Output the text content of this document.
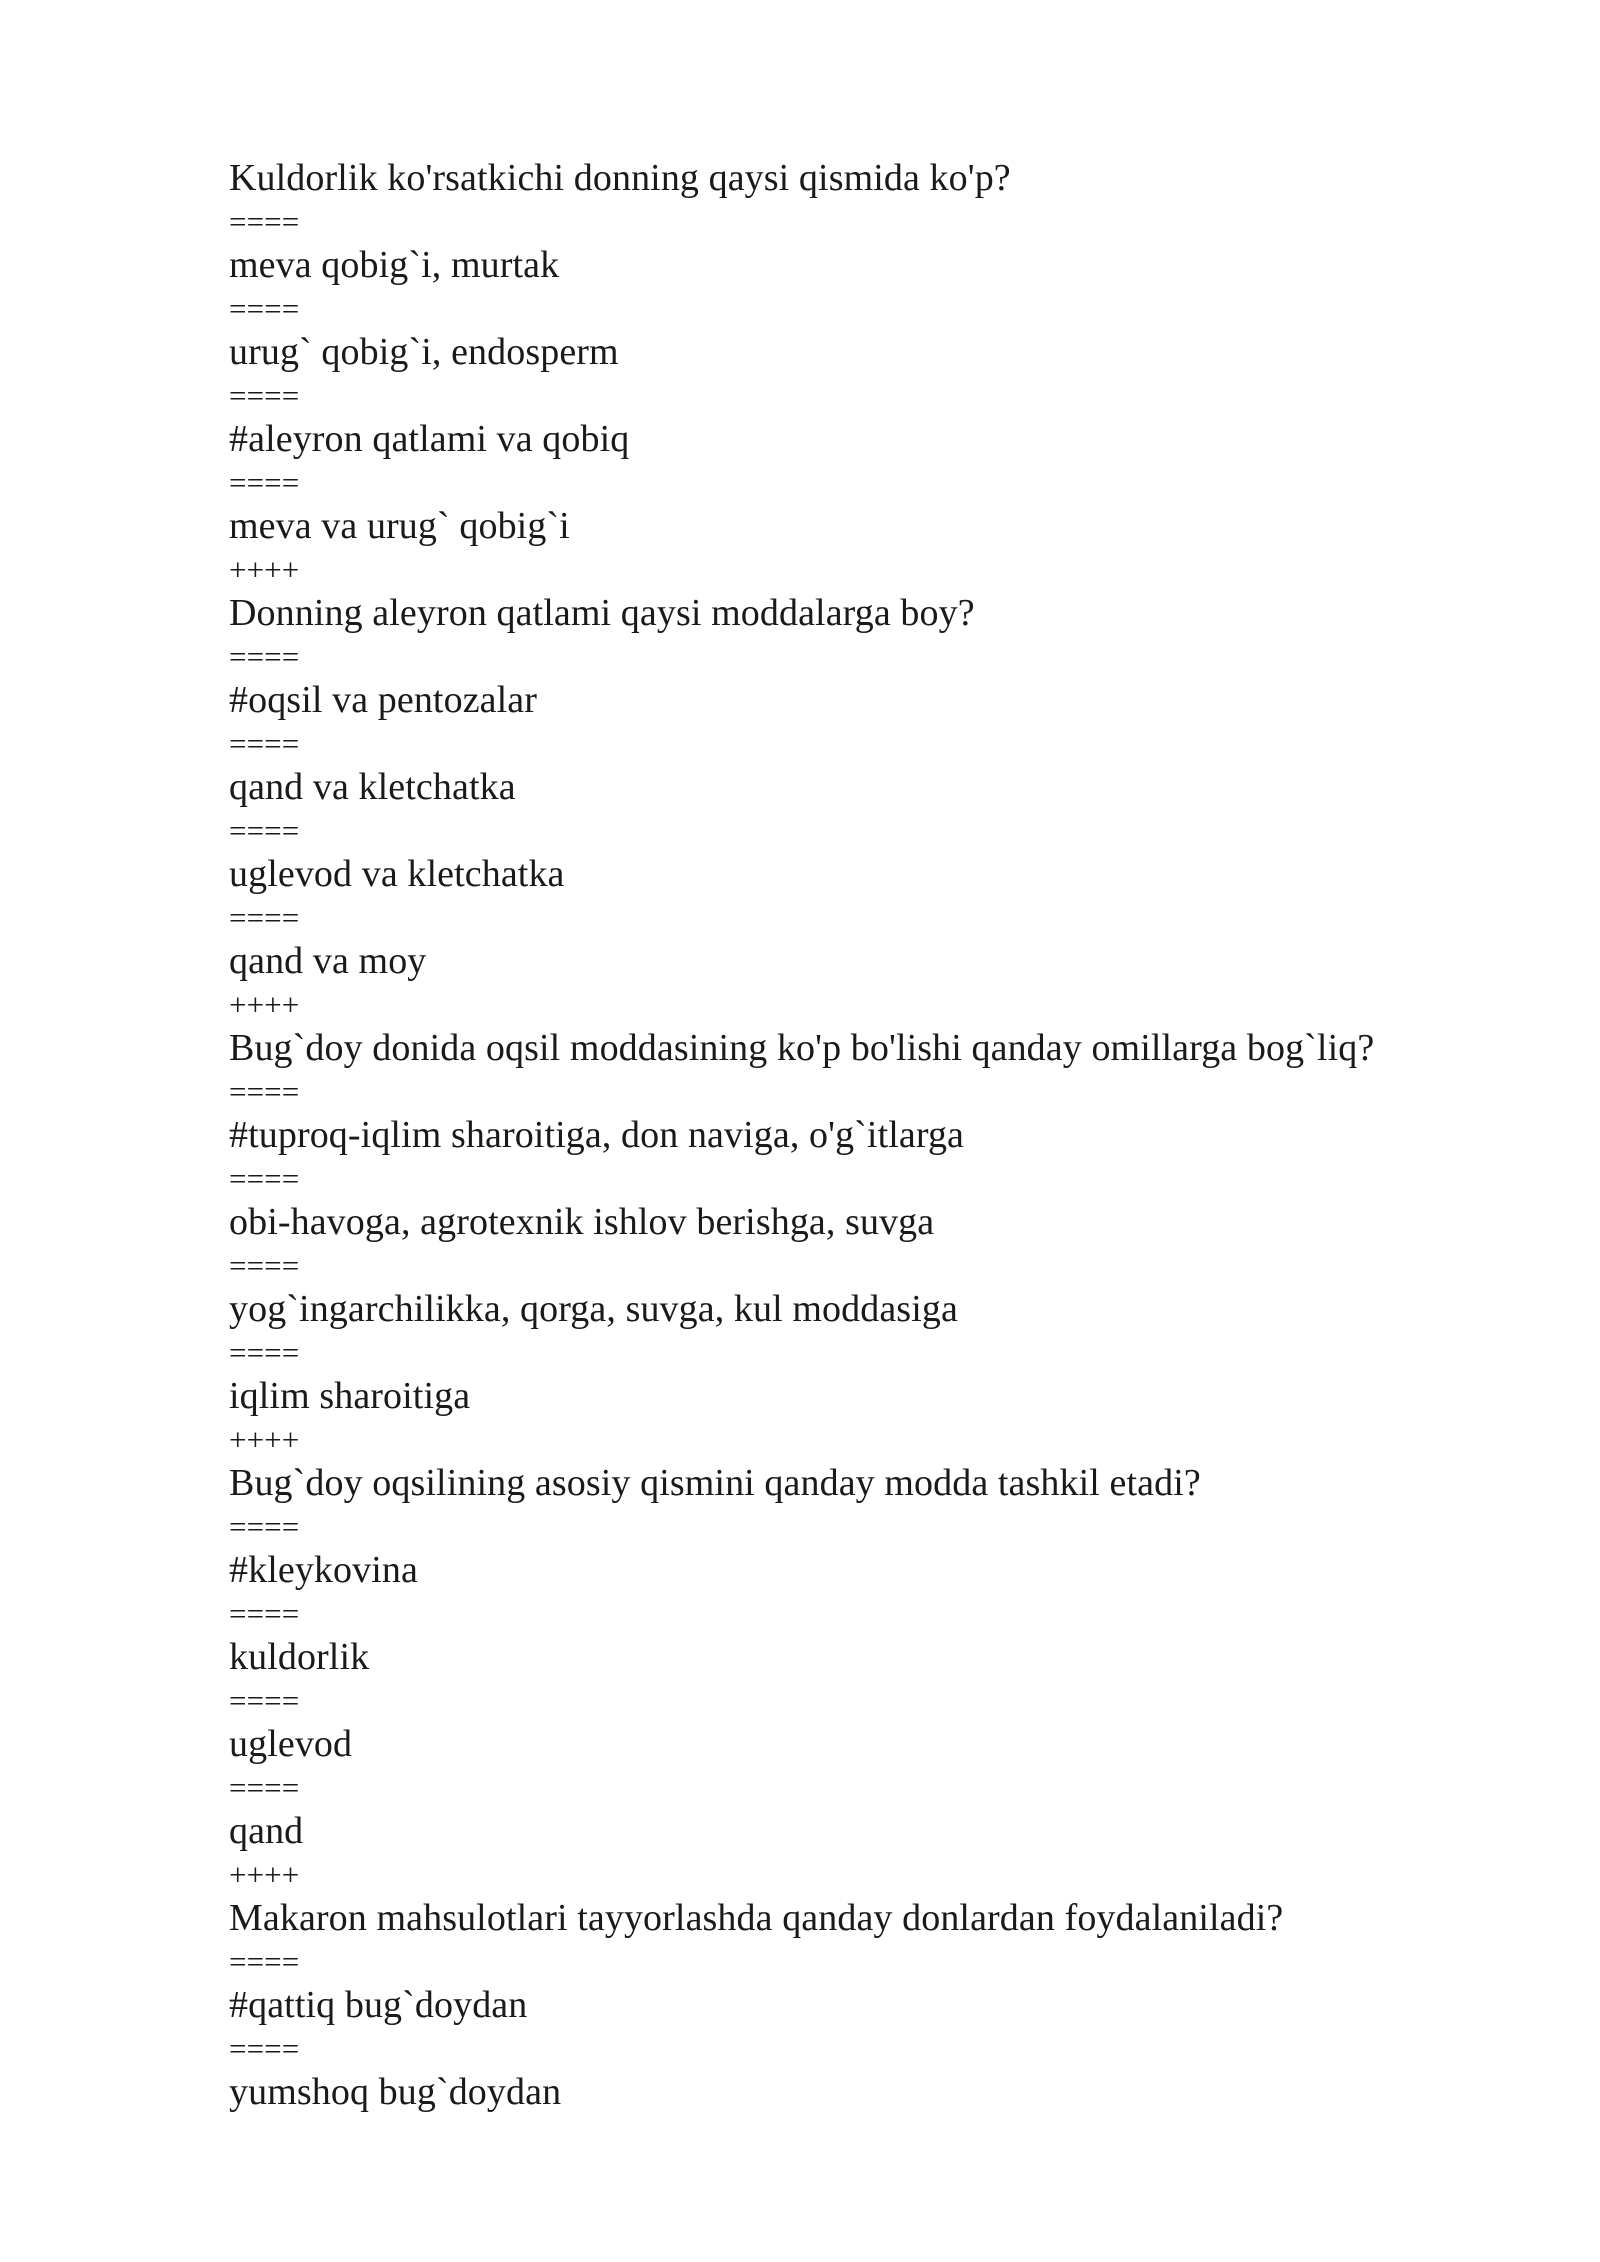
Kuldorlik ko'rsatkichi donning qaysi qismida ko'p?
====
meva qobig`i, murtak
====
urug` qobig`i, endosperm
====
#aleyron qatlami va qobiq
====
meva va urug` qobig`i
++++
Donning aleyron qatlami qaysi moddalarga boy?
====
#oqsil va pentozalar
====
qand va kletchatka
====
uglevod va kletchatka
====
qand va moy
++++
Bug`doy donida oqsil moddasining ko'p bo'lishi qanday omillarga bog`liq?
====
#tuproq-iqlim sharoitiga, don naviga, o'g`itlarga
====
obi-havoga, agrotexnik ishlov berishga, suvga
====
yog`ingarchilikka, qorga, suvga, kul moddasiga
====
iqlim sharoitiga
++++
Bug`doy oqsilining asosiy qismini qanday modda tashkil etadi?
====
#kleykovina
====
kuldorlik
====
uglevod
====
qand
++++
Makaron mahsulotlari tayyorlashda qanday donlardan foydalaniladi?
====
#qattiq bug`doydan
====
yumshoq bug`doydan
